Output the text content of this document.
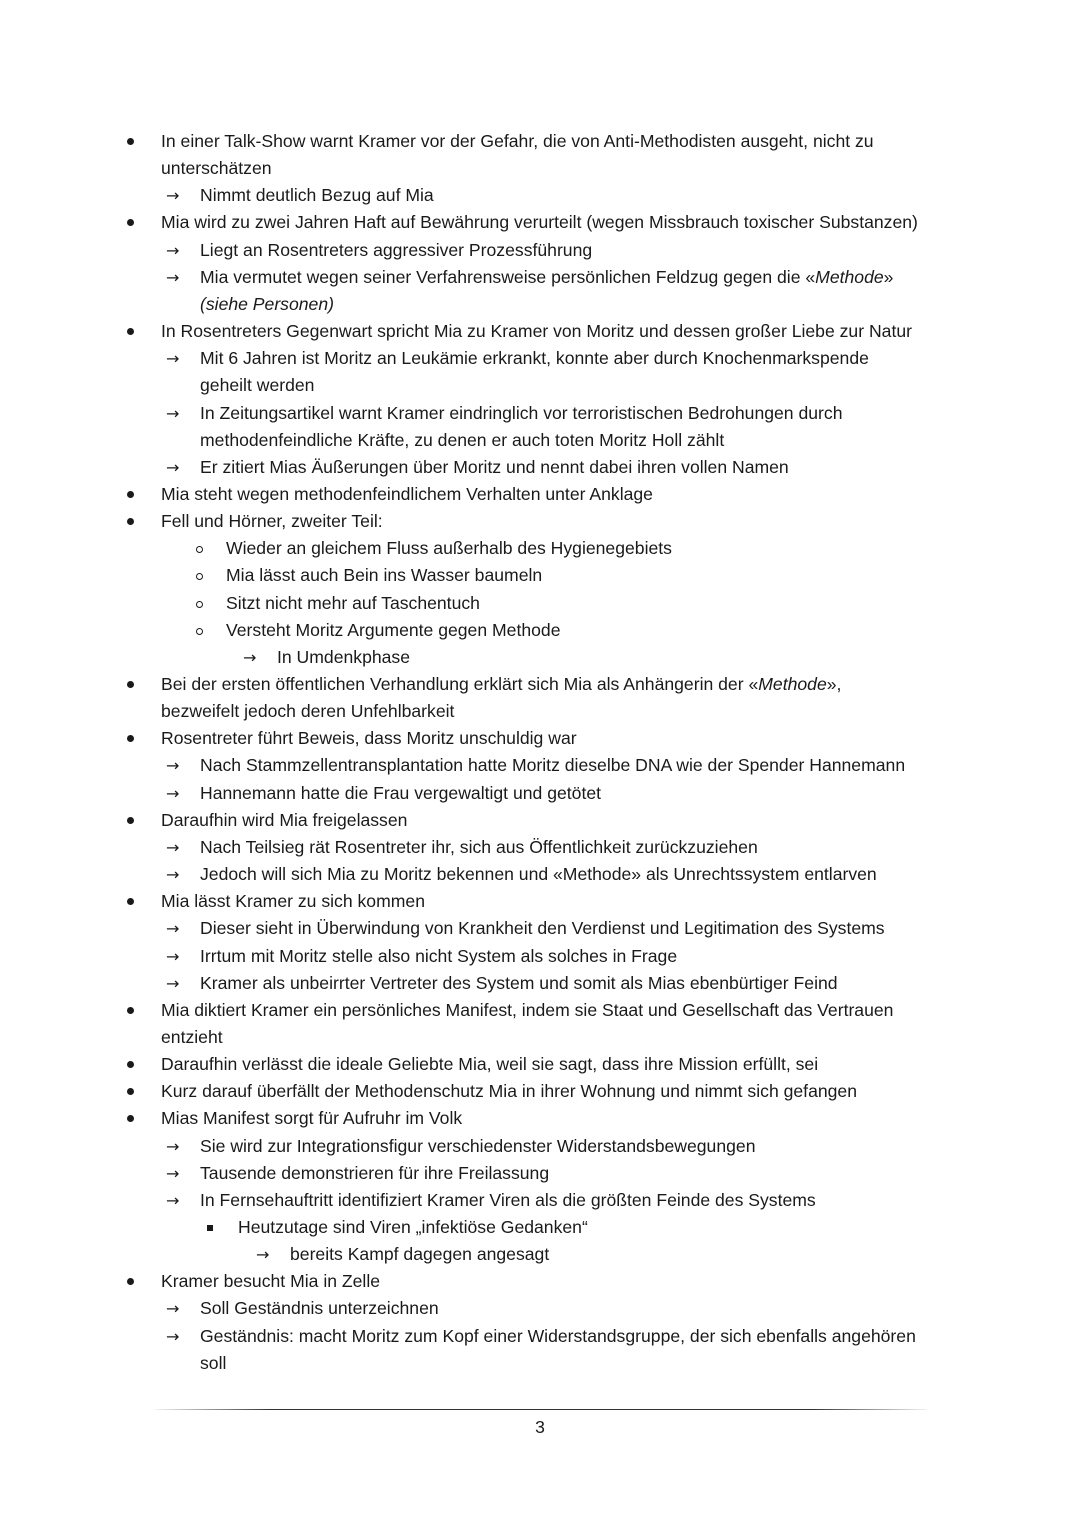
In einer Talk-Show warnt Kramer vor der Gefahr, die von Anti-Methodisten ausgeht, nicht zu
unterschätzen
→ Nimmt deutlich Bezug auf Mia
Mia wird zu zwei Jahren Haft auf Bewährung verurteilt (wegen Missbrauch toxischer Substanzen)
→ Liegt an Rosentreters aggressiver Prozessführung
→ Mia vermutet wegen seiner Verfahrensweise persönlichen Feldzug gegen die «Methode»
(siehe Personen)
In Rosentreters Gegenwart spricht Mia zu Kramer von Moritz und dessen großer Liebe zur Natur
→ Mit 6 Jahren ist Moritz an Leukämie erkrankt, konnte aber durch Knochenmarkspende
geheilt werden
→ In Zeitungsartikel warnt Kramer eindringlich vor terroristischen Bedrohungen durch
methodenfeindliche Kräfte, zu denen er auch toten Moritz Holl zählt
→ Er zitiert Mias Äußerungen über Moritz und nennt dabei ihren vollen Namen
Mia steht wegen methodenfeindlichem Verhalten unter Anklage
Fell und Hörner, zweiter Teil:
Wieder an gleichem Fluss außerhalb des Hygienegebiets
Mia lässt auch Bein ins Wasser baumeln
Sitzt nicht mehr auf Taschentuch
Versteht Moritz Argumente gegen Methode
→ In Umdenkphase
Bei der ersten öffentlichen Verhandlung erklärt sich Mia als Anhängerin der «Methode»,
bezweifelt jedoch deren Unfehlbarkeit
Rosentreter führt Beweis, dass Moritz unschuldig war
→ Nach Stammzellentransplantation hatte Moritz dieselbe DNA wie der Spender Hannemann
→ Hannemann hatte die Frau vergewaltigt und getötet
Daraufhin wird Mia freigelassen
→ Nach Teilsieg rät Rosentreter ihr, sich aus Öffentlichkeit zurückzuziehen
→ Jedoch will sich Mia zu Moritz bekennen und «Methode» als Unrechtssystem entlarven
Mia lässt Kramer zu sich kommen
→ Dieser sieht in Überwindung von Krankheit den Verdienst und Legitimation des Systems
→ Irrtum mit Moritz stelle also nicht System als solches in Frage
→ Kramer als unbeirrter Vertreter des System und somit als Mias ebenbürtiger Feind
Mia diktiert Kramer ein persönliches Manifest, indem sie Staat und Gesellschaft das Vertrauen
entzieht
Daraufhin verlässt die ideale Geliebte Mia, weil sie sagt, dass ihre Mission erfüllt, sei
Kurz darauf überfällt der Methodenschutz Mia in ihrer Wohnung und nimmt sich gefangen
Mias Manifest sorgt für Aufruhr im Volk
→ Sie wird zur Integrationsfigur verschiedenster Widerstandsbewegungen
→ Tausende demonstrieren für ihre Freilassung
→ In Fernsehauftritt identifiziert Kramer Viren als die größten Feinde des Systems
Heutzutage sind Viren „infektiöse Gedanken“
→ bereits Kampf dagegen angesagt
Kramer besucht Mia in Zelle
→ Soll Geständnis unterzeichnen
→ Geständnis: macht Moritz zum Kopf einer Widerstandsgruppe, der sich ebenfalls angehören
soll
3
